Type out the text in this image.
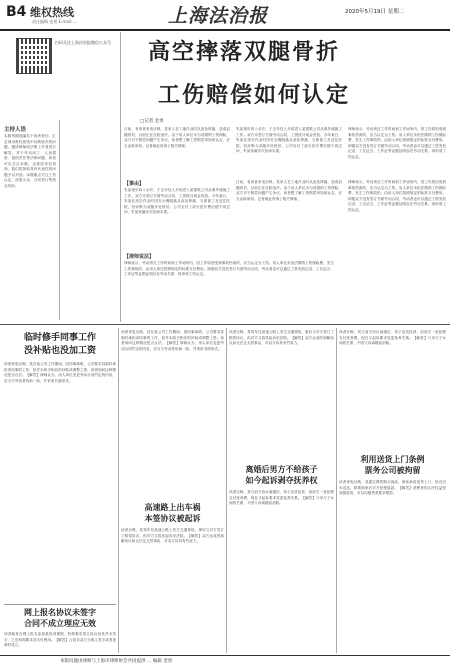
B4 维权热线
责任编辑 金勇 E-mail:...	上海法治报	2020年5月19日 星期二
扫码关注上海法治报微信公众号
主持人语
本版每期选编若干读者来信，汇总城市维权热线中反映较多的问题，邀请律师或法律工作者进行解答。对于劳动用工、人身损害、侵权责任等法律问题，读者可以关注本版，也欢迎来信咨询，我们将择取具有代表性的问题予以刊登。本期重点关注工伤认定、房屋买卖、合同签订等热点纠纷。
高空摔落双腿骨折
工伤赔偿如何认定
□记者 金勇
日前，有读者来电反映，其家人在工地作业时从高处摔落，造成双腿骨折，目前正在住院治疗。由于用人单位未为其缴纳工伤保险，双方对于赔偿问题产生争议，读者想了解工伤赔偿该如何认定，应当由谁承担。记者就此咨询了相关律师。
朱某现年四十余岁，于去年经人介绍进入某建筑公司从事外墙施工工作。双方未签订书面劳动合同，工资按月现金发放。今年某日，朱某在高空作业时因安全绳脱落从高处摔落，当即被工友送往医院，经诊断为双腿多处骨折。公司支付了部分医疗费后便不再过问，朱某家属多次协商未果。
律师表示，劳动者在工作时间和工作场所内，因工作原因受到事故伤害的，应当认定为工伤。用人单位未依法缴纳工伤保险费，发生工伤事故的，由用人单位按照规定的标准支付费用。即便双方没有签订书面劳动合同，劳动者也可以通过工资发放记录、工友证言、工作证等证据证明存在劳动关系，再申请工伤认定。
【事由】
朱某现年四十余岁，于去年经人介绍进入某建筑公司从事外墙施工工作。双方未签订书面劳动合同，工资按月现金发放。今年某日，朱某在高空作业时因安全绳脱落从高处摔落，当即被工友送往医院，经诊断为双腿多处骨折。公司支付了部分医疗费后便不再过问，朱某家属多次协商未果。
【律师说法】
律师表示，劳动者在工作时间和工作场所内，因工作原因受到事故伤害的，应当认定为工伤。用人单位未依法缴纳工伤保险费，发生工伤事故的，由用人单位按照规定的标准支付费用。即便双方没有签订书面劳动合同，劳动者也可以通过工资发放记录、工友证言、工作证等证据证明存在劳动关系，再申请工伤认定。
日前，有读者来电反映，其家人在工地作业时从高处摔落，造成双腿骨折，目前正在住院治疗。由于用人单位未为其缴纳工伤保险，双方对于赔偿问题产生争议，读者想了解工伤赔偿该如何认定，应当由谁承担。记者就此咨询了相关律师。
律师表示，劳动者在工作时间和工作场所内，因工作原因受到事故伤害的，应当认定为工伤。用人单位未依法缴纳工伤保险费，发生工伤事故的，由用人单位按照规定的标准支付费用。即便双方没有签订书面劳动合同，劳动者也可以通过工资发放记录、工友证言、工作证等证据证明存在劳动关系，再申请工伤认定。
临时修手同事工作
没补贴也没加工资
读者来电反映，其在某公司工作期间，因同事离职，公司要求其临时承担该同事的工作，但并未给予相应的补贴或调整工资。读者询问这种情况是否合法。【解答】律师认为，用人单位变更劳动合同约定的内容，应当与劳动者协商一致，并采用书面形式。
网上报名协议未签字
合同不成立理应无效
读者称其在网上报名参加某培训课程，机构要求签订协议但其并未签字，之后机构要求其支付费用。【解答】合同自双方当事人签字或者盖章时成立。
读者来电反映，其在某公司工作期间，因同事离职，公司要求其临时承担该同事的工作，但并未给予相应的补贴或调整工资。读者询问这种情况是否合法。【解答】律师认为，用人单位变更劳动合同约定的内容，应当与劳动者协商一致，并采用书面形式。
高速路上出车祸
本签协议被起诉
读者反映，其驾车在高速公路上发生交通事故，事后与对方签订了赔偿协议，但对方又将其起诉至法院。【解答】双方达成的和解协议如无法定无效事由，对双方均具有约束力。
读者反映，其驾车在高速公路上发生交通事故，事后与对方签订了赔偿协议，但对方又将其起诉至法院。【解答】双方达成的和解协议如无法定无效事由，对双方均具有约束力。
离婚后男方不给孩子
如今起诉剥夺抚养权
读者反映，其与前夫协议离婚后，孩子由其抚养，但前夫一直拒绝支付抚养费，现在又起诉要求变更抚养关系。【解答】父母与子女间的关系，不因父母离婚而消除。
读者反映，其与前夫协议离婚后，孩子由其抚养，但前夫一直拒绝支付抚养费，现在又起诉要求变更抚养关系。【解答】父母与子女间的关系，不因父母离婚而消除。
利用送货上门条例
票务公司被拘留
读者来电反映，其通过网络购买商品，商家承诺送货上门，但迟迟未送达，联系商家后对方拒绝退款。【解答】消费者的合法权益受到损害的，可以向销售者要求赔偿。
本版问题由律师与上海市律师协会共同提供 … 编辑 金勇
